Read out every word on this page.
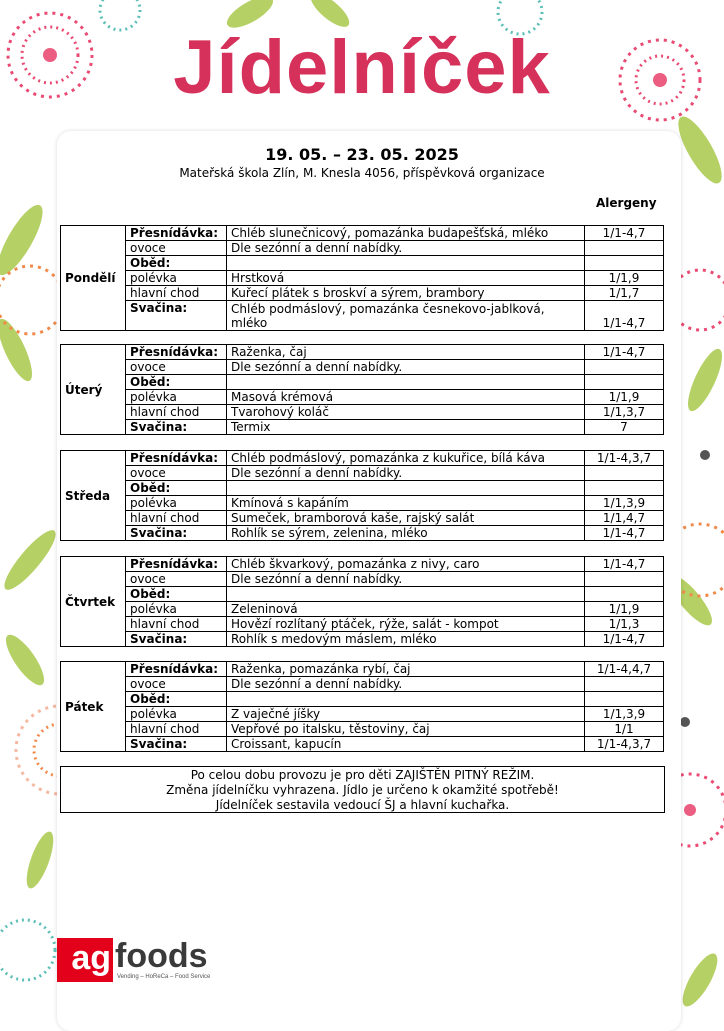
Jídelníček
19. 05. – 23. 05. 2025
Mateřská škola Zlín, M. Knesla 4056, příspěvková organizace
Alergeny
Pondělí	Přesnídávka:	Chléb slunečnicový, pomazánka budapešťská, mléko	1/1-4,7
	ovoce	Dle sezónní a denní nabídky.	
	Oběd:		
	polévka	Hrstková	1/1,9
	hlavní chod	Kuřecí plátek s broskví a sýrem, brambory	1/1,7
	Svačina:	Chléb podmáslový, pomazánka česnekovo-jablková, mléko	1/1-4,7
Úterý	Přesnídávka:	Raženka, čaj	1/1-4,7
	ovoce	Dle sezónní a denní nabídky.	
	Oběd:		
	polévka	Masová krémová	1/1,9
	hlavní chod	Tvarohový koláč	1/1,3,7
	Svačina:	Termix	7
Středa	Přesnídávka:	Chléb podmáslový, pomazánka z kukuřice, bílá káva	1/1-4,3,7
	ovoce	Dle sezónní a denní nabídky.	
	Oběd:		
	polévka	Kmínová s kapáním	1/1,3,9
	hlavní chod	Sumeček, bramborová kaše, rajský salát	1/1,4,7
	Svačina:	Rohlík se sýrem, zelenina, mléko	1/1-4,7
Čtvrtek	Přesnídávka:	Chléb škvarkový, pomazánka z nivy, caro	1/1-4,7
	ovoce	Dle sezónní a denní nabídky.	
	Oběd:		
	polévka	Zeleninová	1/1,9
	hlavní chod	Hovězí rozlítaný ptáček, rýže, salát - kompot	1/1,3
	Svačina:	Rohlík s medovým máslem, mléko	1/1-4,7
Pátek	Přesnídávka:	Raženka, pomazánka rybí, čaj	1/1-4,4,7
	ovoce	Dle sezónní a denní nabídky.	
	Oběd:		
	polévka	Z vaječné jíšky	1/1,3,9
	hlavní chod	Vepřové po italsku, těstoviny, čaj	1/1
	Svačina:	Croissant, kapucín	1/1-4,3,7
Po celou dobu provozu je pro děti ZAJIŠTĚN PITNÝ REŽIM.
Změna jídelníčku vyhrazena. Jídlo je určeno k okamžité spotřebě!
Jídelníček sestavila vedoucí ŠJ a hlavní kuchařka.
ag foods
Vending – HoReCa – Food Service
